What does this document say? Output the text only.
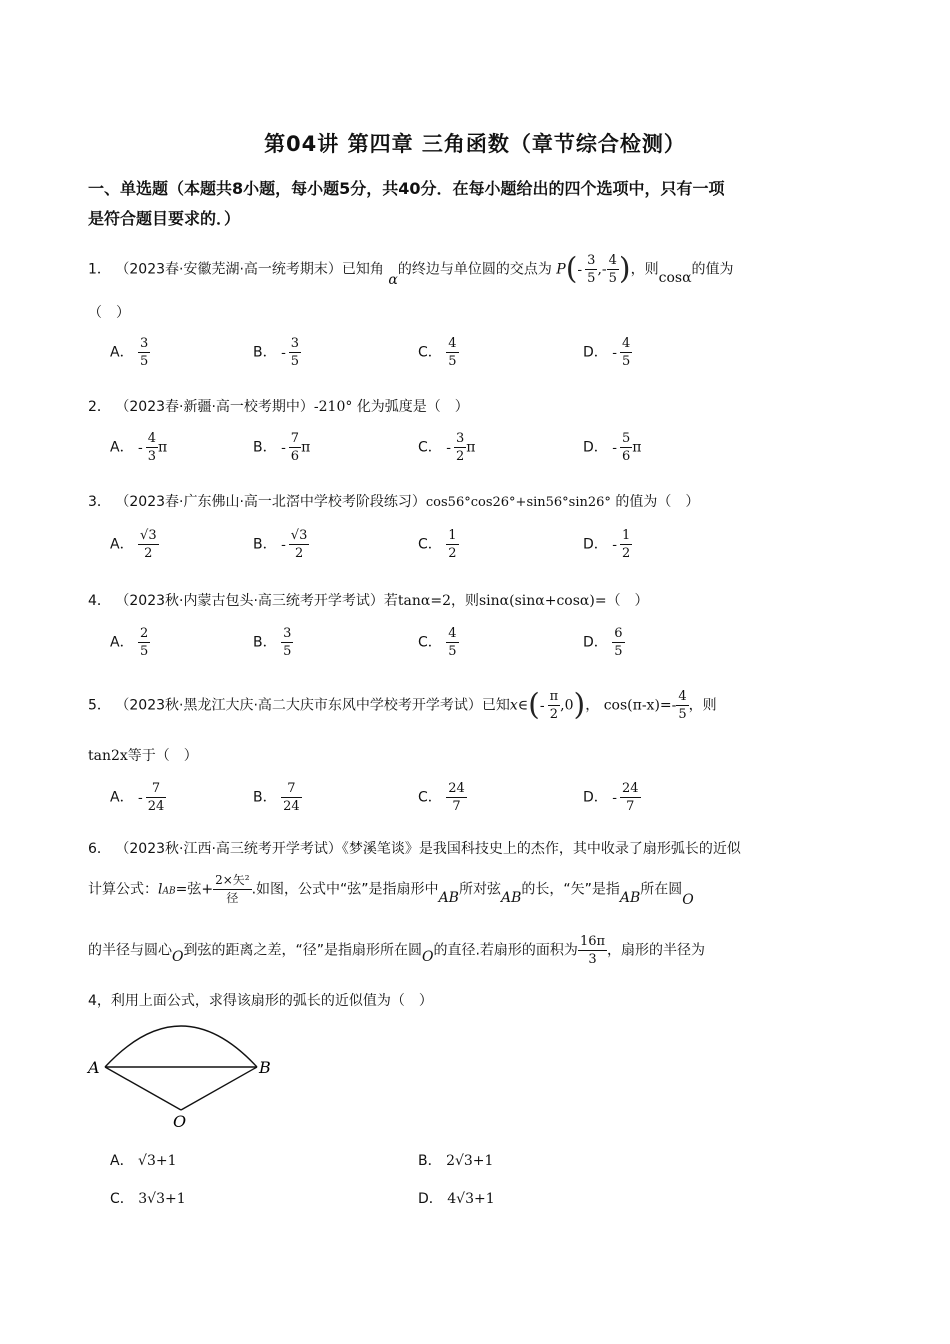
第04讲 第四章 三角函数（章节综合检测）
一、单选题（本题共8小题，每小题5分，共40分．在每小题给出的四个选项中，只有一项
是符合题目要求的．）
1． （2023春·安徽芜湖·高一统考期末）已知角 α的终边与单位圆的交点为 $P(- \frac{3}{5}$ ,- $\frac{4}{5}$ )，则cosα的值为
（　）
A． $\frac{3}{5}$	B． - $\frac{3}{5}$	C． $\frac{4}{5}$	D． - $\frac{4}{5}$
2． （2023春·新疆·高一校考期中）-210° 化为弧度是（　）
A． - $\frac{4}{3}$ π	B． - $\frac{7}{6}$ π	C． - $\frac{3}{2}$ π	D． - $\frac{5}{6}$ π
3． （2023春·广东佛山·高一北滘中学校考阶段练习）cos56°cos26°+sin56°sin26° 的值为（　）
A． $\frac{√3}{2}$	B． - $\frac{√3}{2}$	C． $\frac{1}{2}$	D． - $\frac{1}{2}$
4． （2023秋·内蒙古包头·高三统考开学考试）若tanα=2，则sinα(sinα+cosα)=（　）
A． $\frac{2}{5}$	B． $\frac{3}{5}$	C． $\frac{4}{5}$	D． $\frac{6}{5}$
5． （2023秋·黑龙江大庆·高二大庆市东风中学校考开学考试）已知x∈(- $\frac{\pi}{2} ,0$)， $\cos(\pi-x)=- \frac{4}{5}$ ，则
tan2x等于（　）
A． - $\frac{7}{24}$	B． $\frac{7}{24}$	C． $\frac{24}{7}$	D． - $\frac{24}{7}$
6． （2023秋·江西·高三统考开学考试）《梦溪笔谈》是我国科技史上的杰作，其中收录了扇形弧长的近似
计算公式：lAB=弦+ $\frac{\text{2×矢²}}{\text{径}}$ .如图，公式中“弦”是指扇形中AB所对弦AB的长，“矢”是指AB所在圆O
的半径与圆心O到弦的距离之差，“径”是指扇形所在圆O的直径.若扇形的面积为 $\frac{16\pi}{3}$ ，扇形的半径为
4，利用上面公式，求得该扇形的弧长的近似值为（　）
A	B
O
A． √3+1	B． 2√3+1
C． 3√3+1	D． 4√3+1
